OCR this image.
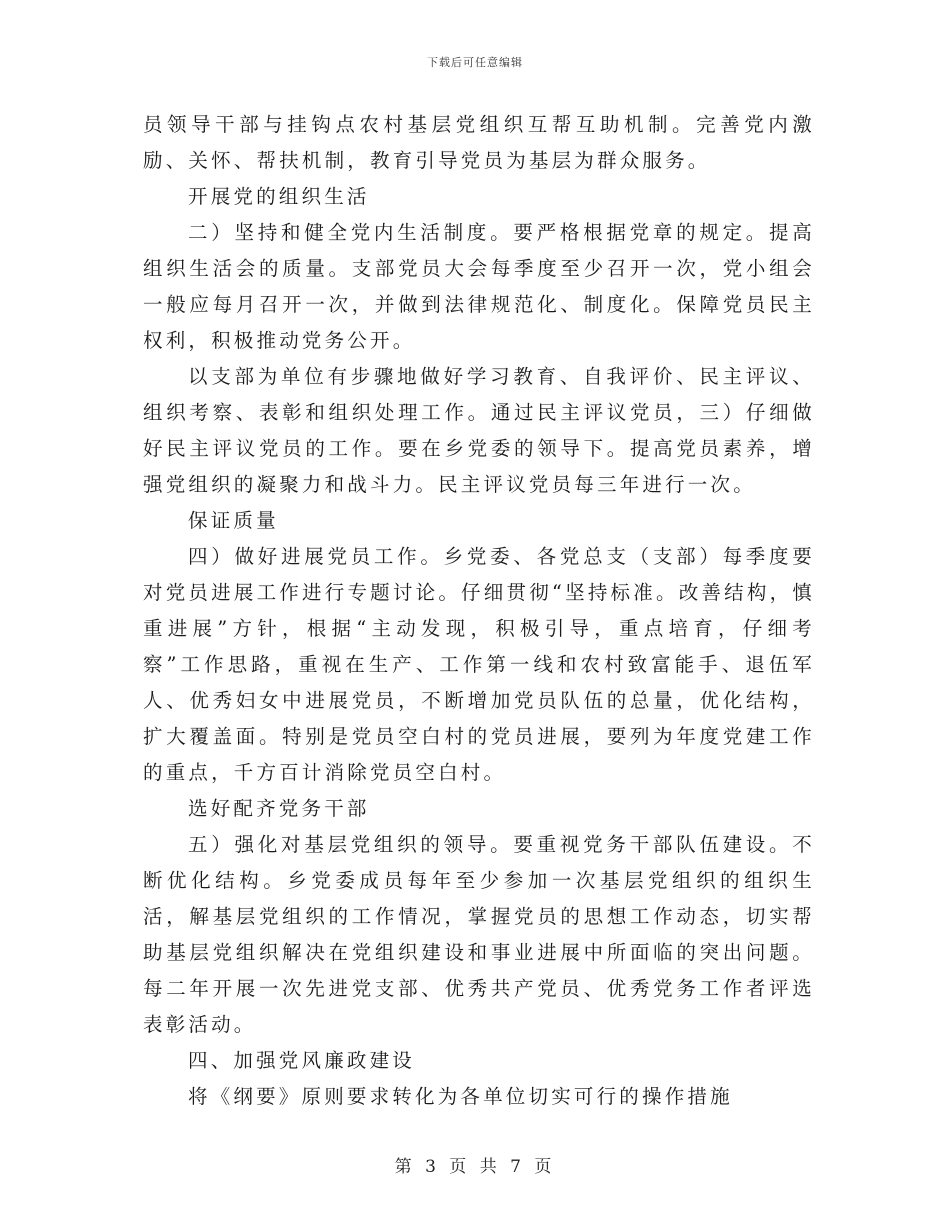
下载后可任意编辑

员领导干部与挂钩点农村基层党组织互帮互助机制。完善党内激励、关怀、帮扶机制，教育引导党员为基层为群众服务。

开展党的组织生活

二）坚持和健全党内生活制度。要严格根据党章的规定。提高组织生活会的质量。支部党员大会每季度至少召开一次，党小组会一般应每月召开一次，并做到法律规范化、制度化。保障党员民主权利，积极推动党务公开。

以支部为单位有步骤地做好学习教育、自我评价、民主评议、组织考察、表彰和组织处理工作。通过民主评议党员，三）仔细做好民主评议党员的工作。要在乡党委的领导下。提高党员素养，增强党组织的凝聚力和战斗力。民主评议党员每三年进行一次。

保证质量

四）做好进展党员工作。乡党委、各党总支（支部）每季度要对党员进展工作进行专题讨论。仔细贯彻“坚持标准。改善结构，慎重进展”方针，根据“主动发现，积极引导，重点培育，仔细考察”工作思路，重视在生产、工作第一线和农村致富能手、退伍军人、优秀妇女中进展党员，不断增加党员队伍的总量，优化结构，扩大覆盖面。特别是党员空白村的党员进展，要列为年度党建工作的重点，千方百计消除党员空白村。

选好配齐党务干部

五）强化对基层党组织的领导。要重视党务干部队伍建设。不断优化结构。乡党委成员每年至少参加一次基层党组织的组织生活，解基层党组织的工作情况，掌握党员的思想工作动态，切实帮助基层党组织解决在党组织建设和事业进展中所面临的突出问题。每二年开展一次先进党支部、优秀共产党员、优秀党务工作者评选表彰活动。

四、加强党风廉政建设

将《纲要》原则要求转化为各单位切实可行的操作措施

第 3 页 共 7 页
